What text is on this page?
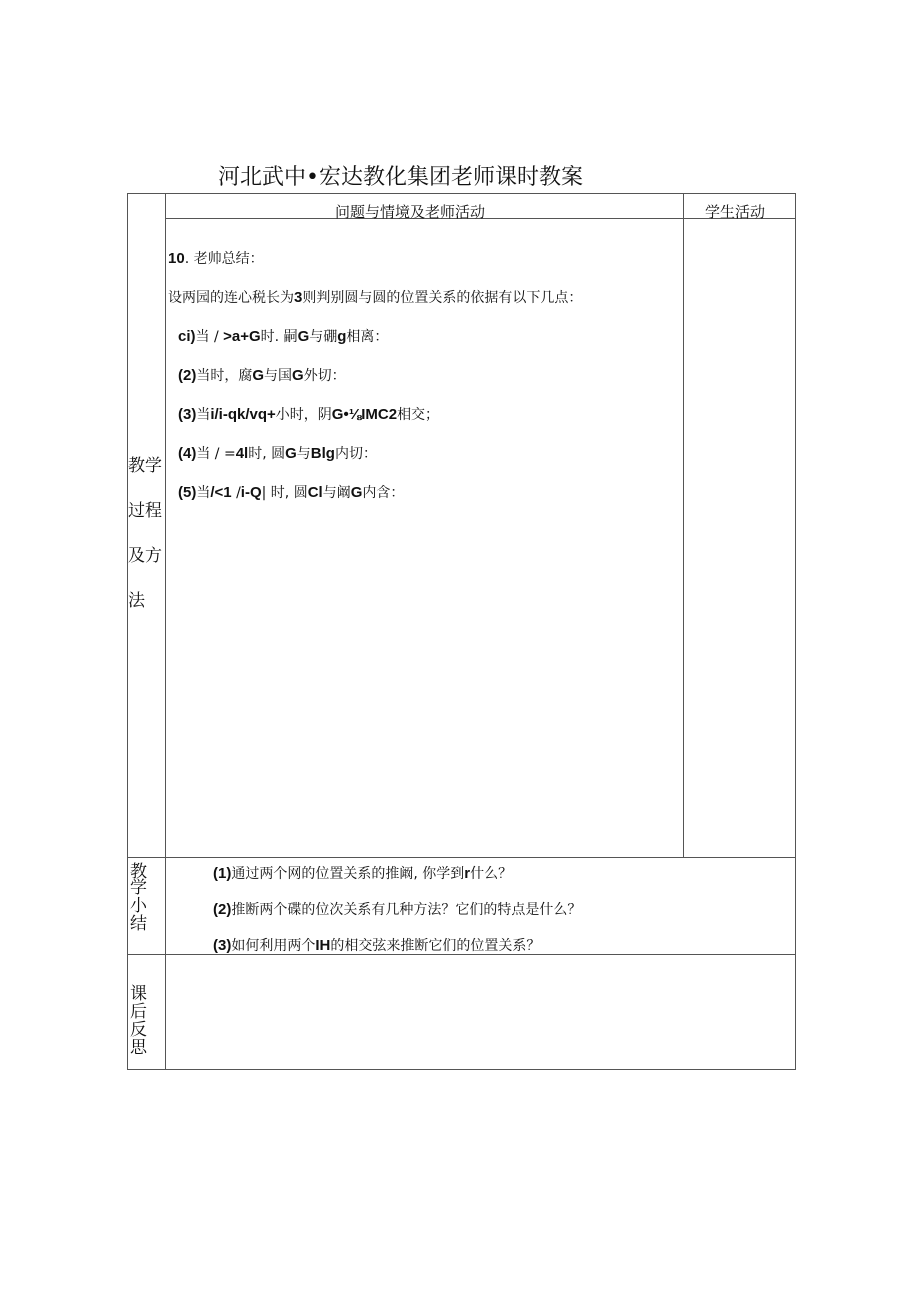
河北武中•宏达教化集团老师课时教案
问题与情境及老师活动	学生活动
教学
过程
及方
法
教
学
小
结
课
后
反
思
10. 老帅总结：
设两园的连心税长为3则判别圆与圆的位置关系的依据有以下几点：
ci)当 / >a+G时. 嗣G与硼g相离：
(2)当时，腐G与国G外切：
(3)当i/i-qk/vq+小时，阴G•⅛IMC2相交；
(4)当 / =4l时, 圆G与Blg内切：
(5)当/<1 /i-Q| 时, 圆Cl与阚G内含：
(1)通过两个网的位置关系的推阚, 你学到r什么？
(2)推断两个碟的位次关系有几种方法？它们的特点是什么？
(3)如何利用两个IH的相交弦来推断它们的位置关系？
